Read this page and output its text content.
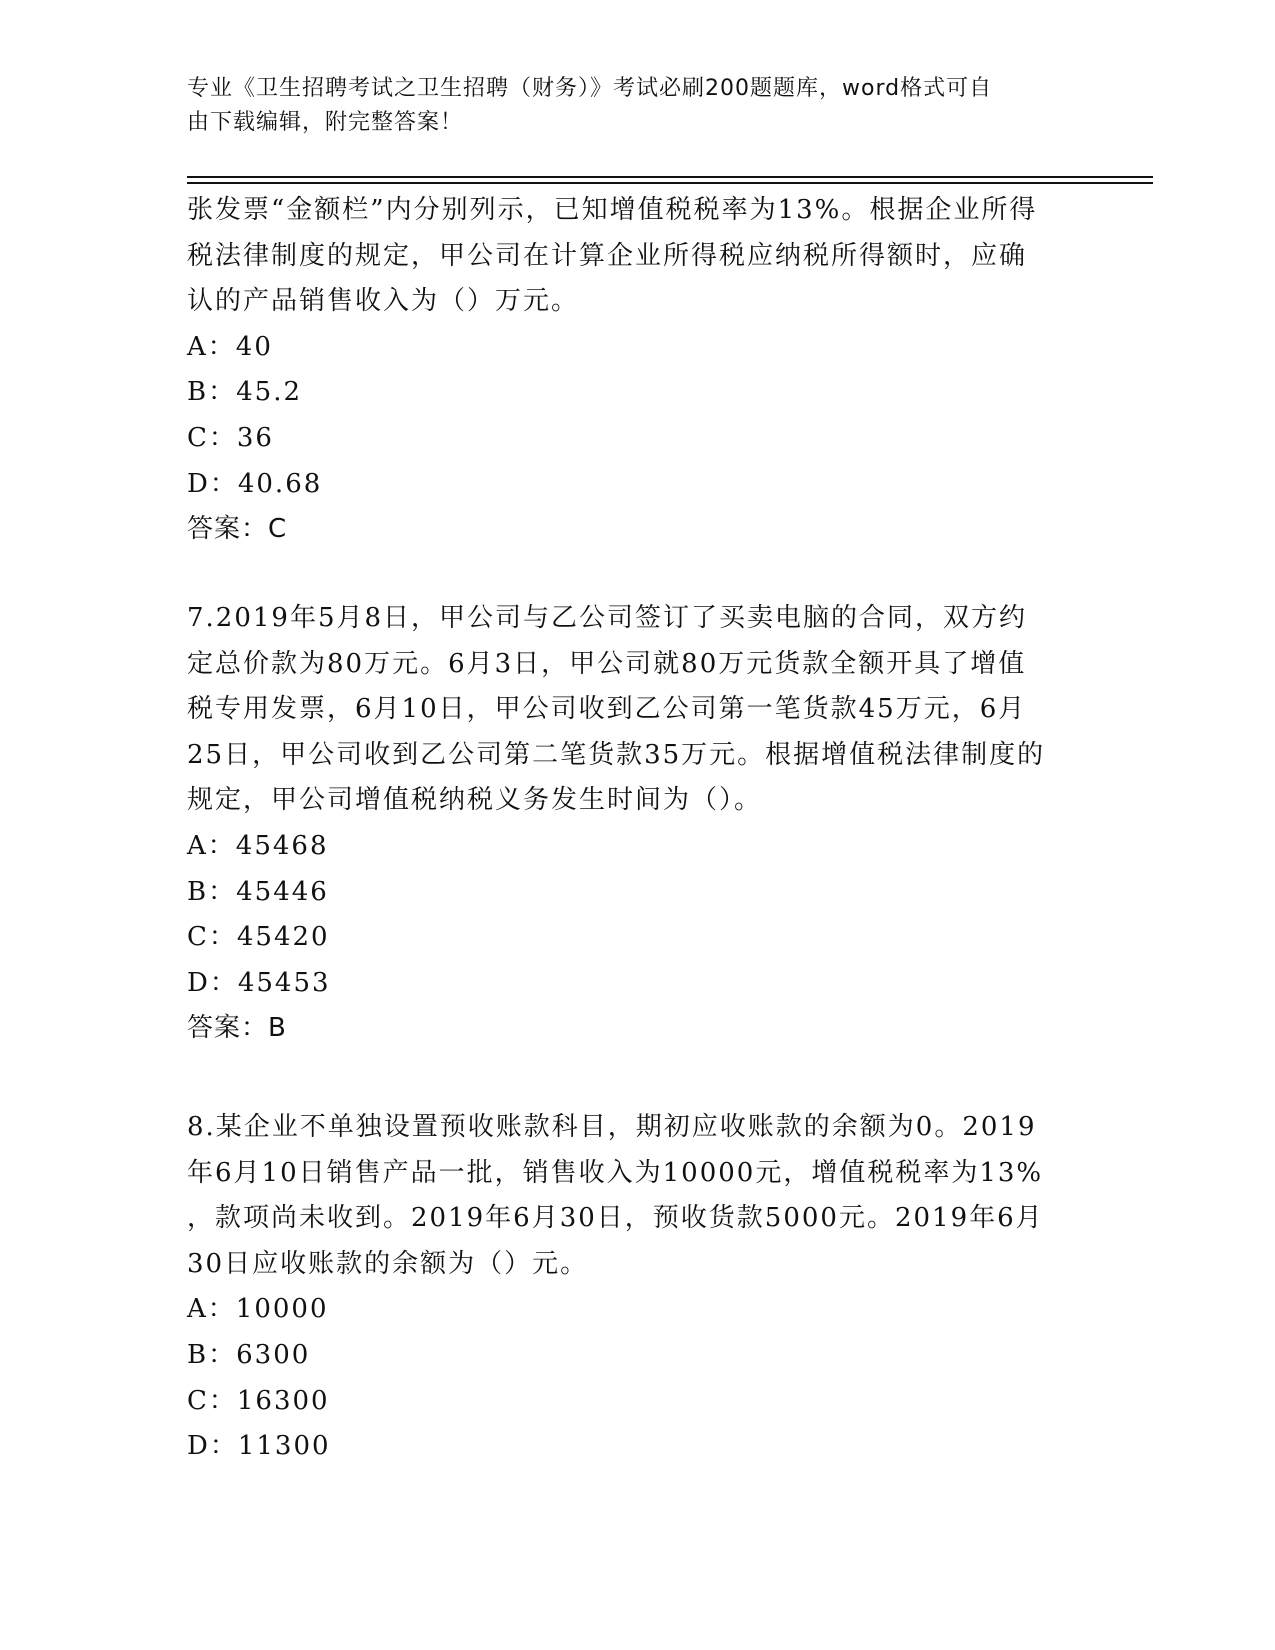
专业《卫生招聘考试之卫生招聘（财务）》考试必刷200题题库，word格式可自
由下载编辑，附完整答案！

张发票“金额栏”内分别列示，已知增值税税率为13%。根据企业所得

税法律制度的规定，甲公司在计算企业所得税应纳税所得额时，应确

认的产品销售收入为（）万元。

A：40

B：45.2

C：36

D：40.68

答案：C

7.2019年5月8日，甲公司与乙公司签订了买卖电脑的合同，双方约

定总价款为80万元。6月3日，甲公司就80万元货款全额开具了增值

税专用发票，6月10日，甲公司收到乙公司第一笔货款45万元，6月

25日，甲公司收到乙公司第二笔货款35万元。根据增值税法律制度的

规定，甲公司增值税纳税义务发生时间为（）。

A：45468

B：45446

C：45420

D：45453

答案：B

8.某企业不单独设置预收账款科目，期初应收账款的余额为0。2019

年6月10日销售产品一批，销售收入为10000元，增值税税率为13%

，款项尚未收到。2019年6月30日，预收货款5000元。2019年6月

30日应收账款的余额为（）元。

A：10000

B：6300

C：16300

D：11300
